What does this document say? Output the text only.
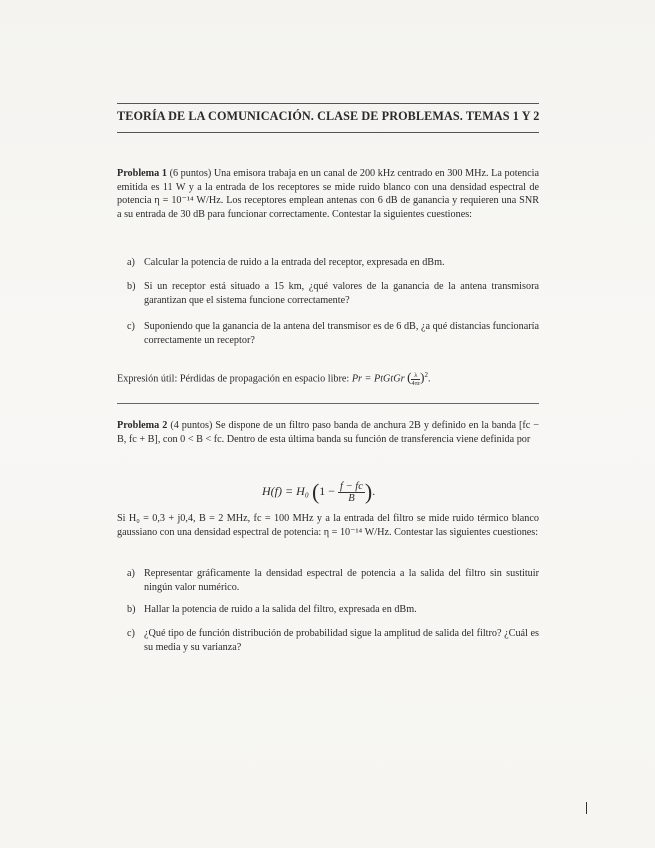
TEORÍA DE LA COMUNICACIÓN. CLASE DE PROBLEMAS. TEMAS 1 Y 2
Problema 1 (6 puntos) Una emisora trabaja en un canal de 200 kHz centrado en 300 MHz. La potencia emitida es 11 W y a la entrada de los receptores se mide ruido blanco con una densidad espectral de potencia η = 10⁻¹⁴ W/Hz. Los receptores emplean antenas con 6 dB de ganancia y requieren una SNR a su entrada de 30 dB para funcionar correctamente. Contestar la siguientes cuestiones:
a) Calcular la potencia de ruido a la entrada del receptor, expresada en dBm.
b) Si un receptor está situado a 15 km, ¿qué valores de la ganancia de la antena transmisora garantizan que el sistema funcione correctamente?
c) Suponiendo que la ganancia de la antena del transmisor es de 6 dB, ¿a qué distancias funcionaría correctamente un receptor?
Expresión útil: Pérdidas de propagación en espacio libre: Pr = PtGtGr ( $\frac{\lambda}{4\pi r})^2$.
Problema 2 (4 puntos) Se dispone de un filtro paso banda de anchura 2B y definido en la banda [fc − B, fc + B], con 0 < B < fc. Dentro de esta última banda su función de transferencia viene definida por
H(f) = H₀ ($1 - \frac{f - fc}{B}$ ).
Si H₀ = 0,3 + j0,4, B = 2 MHz, fc = 100 MHz y a la entrada del filtro se mide ruido térmico blanco gaussiano con una densidad espectral de potencia: η = 10⁻¹⁴ W/Hz. Contestar las siguientes cuestiones:
a) Representar gráficamente la densidad espectral de potencia a la salida del filtro sin sustituir ningún valor numérico.
b) Hallar la potencia de ruido a la salida del filtro, expresada en dBm.
c) ¿Qué tipo de función distribución de probabilidad sigue la amplitud de salida del filtro? ¿Cuál es su media y su varianza?
